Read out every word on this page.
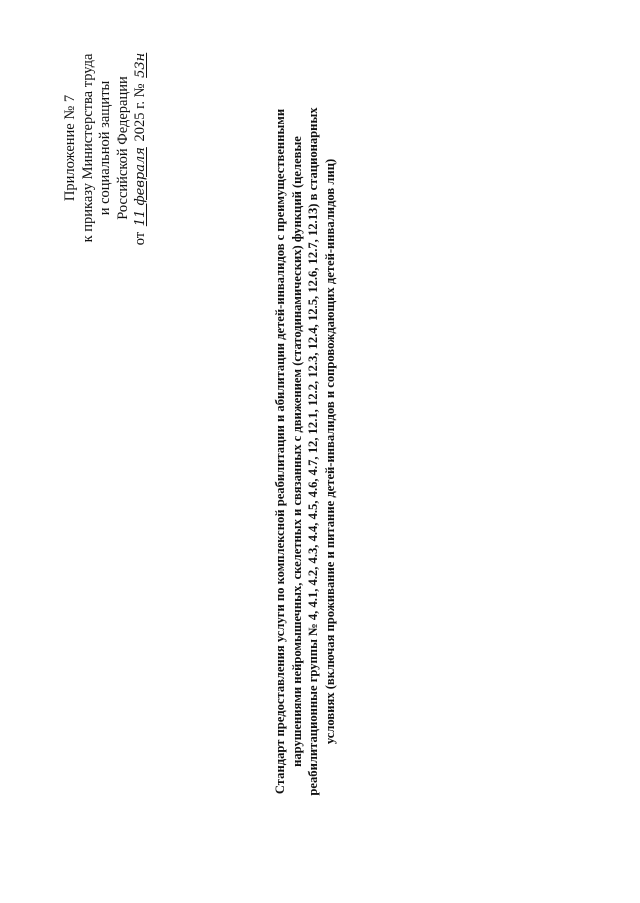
Приложение № 7 к приказу Министерства труда и социальной защиты Российской Федерации
от 11 февраля 2025 г. № 53н
Стандарт предоставления услуги по комплексной реабилитации и абилитации детей-инвалидов с преимущественными нарушениями нейромышечных, скелетных и связанных с движением (статодинамических) функций (целевые реабилитационные группы № 4, 4.1, 4.2, 4.3, 4.4, 4.5, 4.6, 4.7, 12, 12.1, 12.2, 12.3, 12.4, 12.5, 12.6, 12.7, 12.13) в стационарных условиях (включая проживание и питание детей-инвалидов и сопровождающих детей-инвалидов лиц)
